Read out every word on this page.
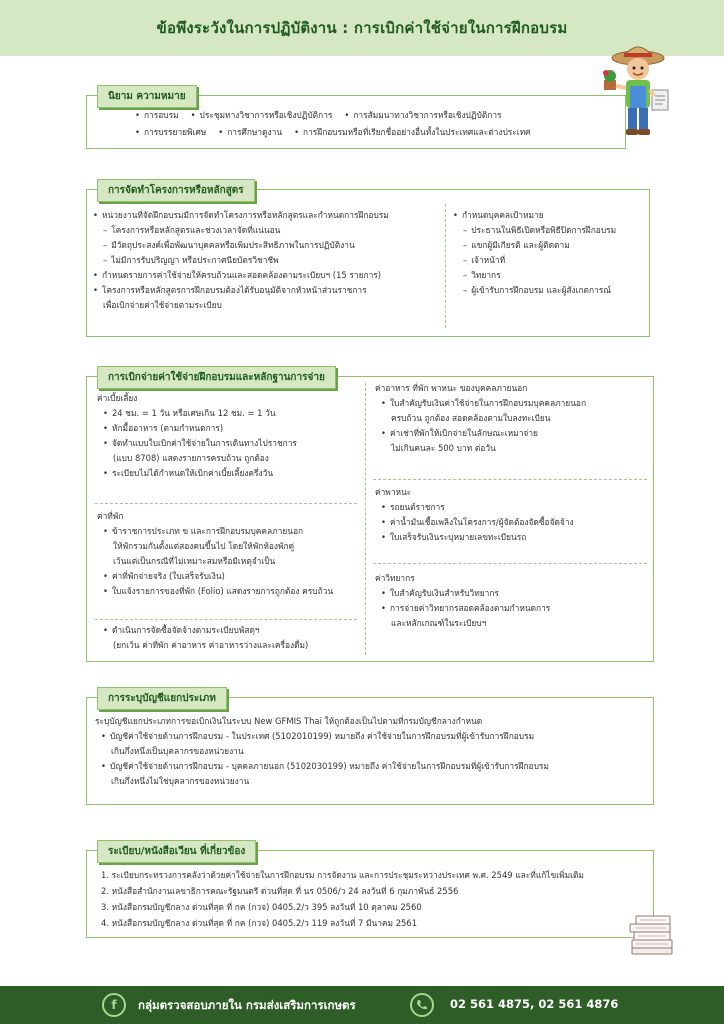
ข้อพึงระวังในการปฏิบัติงาน : การเบิกค่าใช้จ่ายในการฝึกอบรม
นิยาม ความหมาย
• การอบรม	• ประชุมทางวิชาการหรือเชิงปฏิบัติการ	• การสัมมนาทางวิชาการหรือเชิงปฏิบัติการ
• การบรรยายพิเศษ	• การศึกษาดูงาน	• การฝึกอบรมหรือที่เรียกชื่ออย่างอื่นทั้งในประเทศและต่างประเทศ
การจัดทำโครงการหรือหลักสูตร
• หน่วยงานที่จัดฝึกอบรมมีการจัดทำโครงการหรือหลักสูตรและกำหนดการฝึกอบรม
– โครงการหรือหลักสูตรและช่วงเวลาจัดที่แน่นอน
– มีวัตถุประสงค์เพื่อพัฒนาบุคคลหรือเพิ่มประสิทธิภาพในการปฏิบัติงาน
– ไม่มีการรับปริญญา หรือประกาศนียบัตรวิชาชีพ
• กำหนดรายการค่าใช้จ่ายให้ครบถ้วนและสอดคล้องตามระเบียบฯ (15 รายการ)
• โครงการหรือหลักสูตรการฝึกอบรมต้องได้รับอนุมัติจากหัวหน้าส่วนราชการ
เพื่อเบิกจ่ายค่าใช้จ่ายตามระเบียบ
• กำหนดบุคคลเป้าหมาย
– ประธานในพิธีเปิดหรือพิธีปิดการฝึกอบรม
– แขกผู้มีเกียรติ และผู้ติดตาม
– เจ้าหน้าที่
– วิทยากร
– ผู้เข้ารับการฝึกอบรม และผู้สังเกตการณ์
การเบิกจ่ายค่าใช้จ่ายฝึกอบรมและหลักฐานการจ่าย
ค่าเบี้ยเลี้ยง
• 24 ชม. = 1 วัน หรือเศษเกิน 12 ชม. = 1 วัน
• หักมื้ออาหาร (ตามกำหนดการ)
• จัดทำแบบใบเบิกค่าใช้จ่ายในการเดินทางไปราชการ
(แบบ 8708) แสดงรายการครบถ้วน ถูกต้อง
• ระเบียบไม่ได้กำหนดให้เบิกค่าเบี้ยเลี้ยงครึ่งวัน
ค่าที่พัก
• ข้าราชการประเภท ข และการฝึกอบรมบุคคลภายนอก
ให้พักรวมกันตั้งแต่สองคนขึ้นไป โดยให้พักห้องพักคู่
เว้นแต่เป็นกรณีที่ไม่เหมาะสมหรือมีเหตุจำเป็น
• ค่าที่พักจ่ายจริง (ใบเสร็จรับเงิน)
• ใบแจ้งรายการของที่พัก (Folio) แสดงรายการถูกต้อง ครบถ้วน
• ดำเนินการจัดซื้อจัดจ้างตามระเบียบพัสดุฯ
(ยกเว้น ค่าที่พัก ค่าอาหาร ค่าอาหารว่างและเครื่องดื่ม)
ค่าอาหาร ที่พัก พาหนะ ของบุคคลภายนอก
• ใบสำคัญรับเงินค่าใช้จ่ายในการฝึกอบรมบุคคลภายนอก
ครบถ้วน ถูกต้อง สอดคล้องตามใบลงทะเบียน
• ค่าเช่าที่พักให้เบิกจ่ายในลักษณะเหมาจ่าย
ไม่เกินคนละ 500 บาท ต่อวัน
ค่าพาหนะ
• รถยนต์ราชการ
• ค่าน้ำมันเชื้อเพลิงในโครงการ/ผู้จัดต้องจัดซื้อจัดจ้าง
• ใบเสร็จรับเงินระบุหมายเลขทะเบียนรถ
ค่าวิทยากร
• ใบสำคัญรับเงินสำหรับวิทยากร
• การจ่ายค่าวิทยากรสอดคล้องตามกำหนดการ
และหลักเกณฑ์ในระเบียบฯ
การระบุบัญชีแยกประเภท
ระบุบัญชีแยกประเภทการขอเบิกเงินในระบบ New GFMIS Thai ให้ถูกต้องเป็นไปตามที่กรมบัญชีกลางกำหนด
• บัญชีค่าใช้จ่ายด้านการฝึกอบรม - ในประเทศ (5102010199) หมายถึง ค่าใช้จ่ายในการฝึกอบรมที่ผู้เข้ารับการฝึกอบรม
เกินกึ่งหนึ่งเป็นบุคลากรของหน่วยงาน
• บัญชีค่าใช้จ่ายด้านการฝึกอบรม - บุคคลภายนอก (5102030199) หมายถึง ค่าใช้จ่ายในการฝึกอบรมที่ผู้เข้ารับการฝึกอบรม
เกินกึ่งหนึ่งไม่ใช่บุคลากรของหน่วยงาน
ระเบียบ/หนังสือเวียน ที่เกี่ยวข้อง
1. ระเบียบกระทรวงการคลังว่าด้วยค่าใช้จ่ายในการฝึกอบรม การจัดงาน และการประชุมระหว่างประเทศ พ.ศ. 2549 และที่แก้ไขเพิ่มเติม
2. หนังสือสำนักงานเลขาธิการคณะรัฐมนตรี ด่วนที่สุด ที่ นร 0506/ว 24 ลงวันที่ 6 กุมภาพันธ์ 2556
3. หนังสือกรมบัญชีกลาง ด่วนที่สุด ที่ กค (กวจ) 0405.2/ว 395 ลงวันที่ 10 ตุลาคม 2560
4. หนังสือกรมบัญชีกลาง ด่วนที่สุด ที่ กค (กวจ) 0405.2/ว 119 ลงวันที่ 7 มีนาคม 2561
f	กลุ่มตรวจสอบภายใน กรมส่งเสริมการเกษตร	02 561 4875, 02 561 4876
